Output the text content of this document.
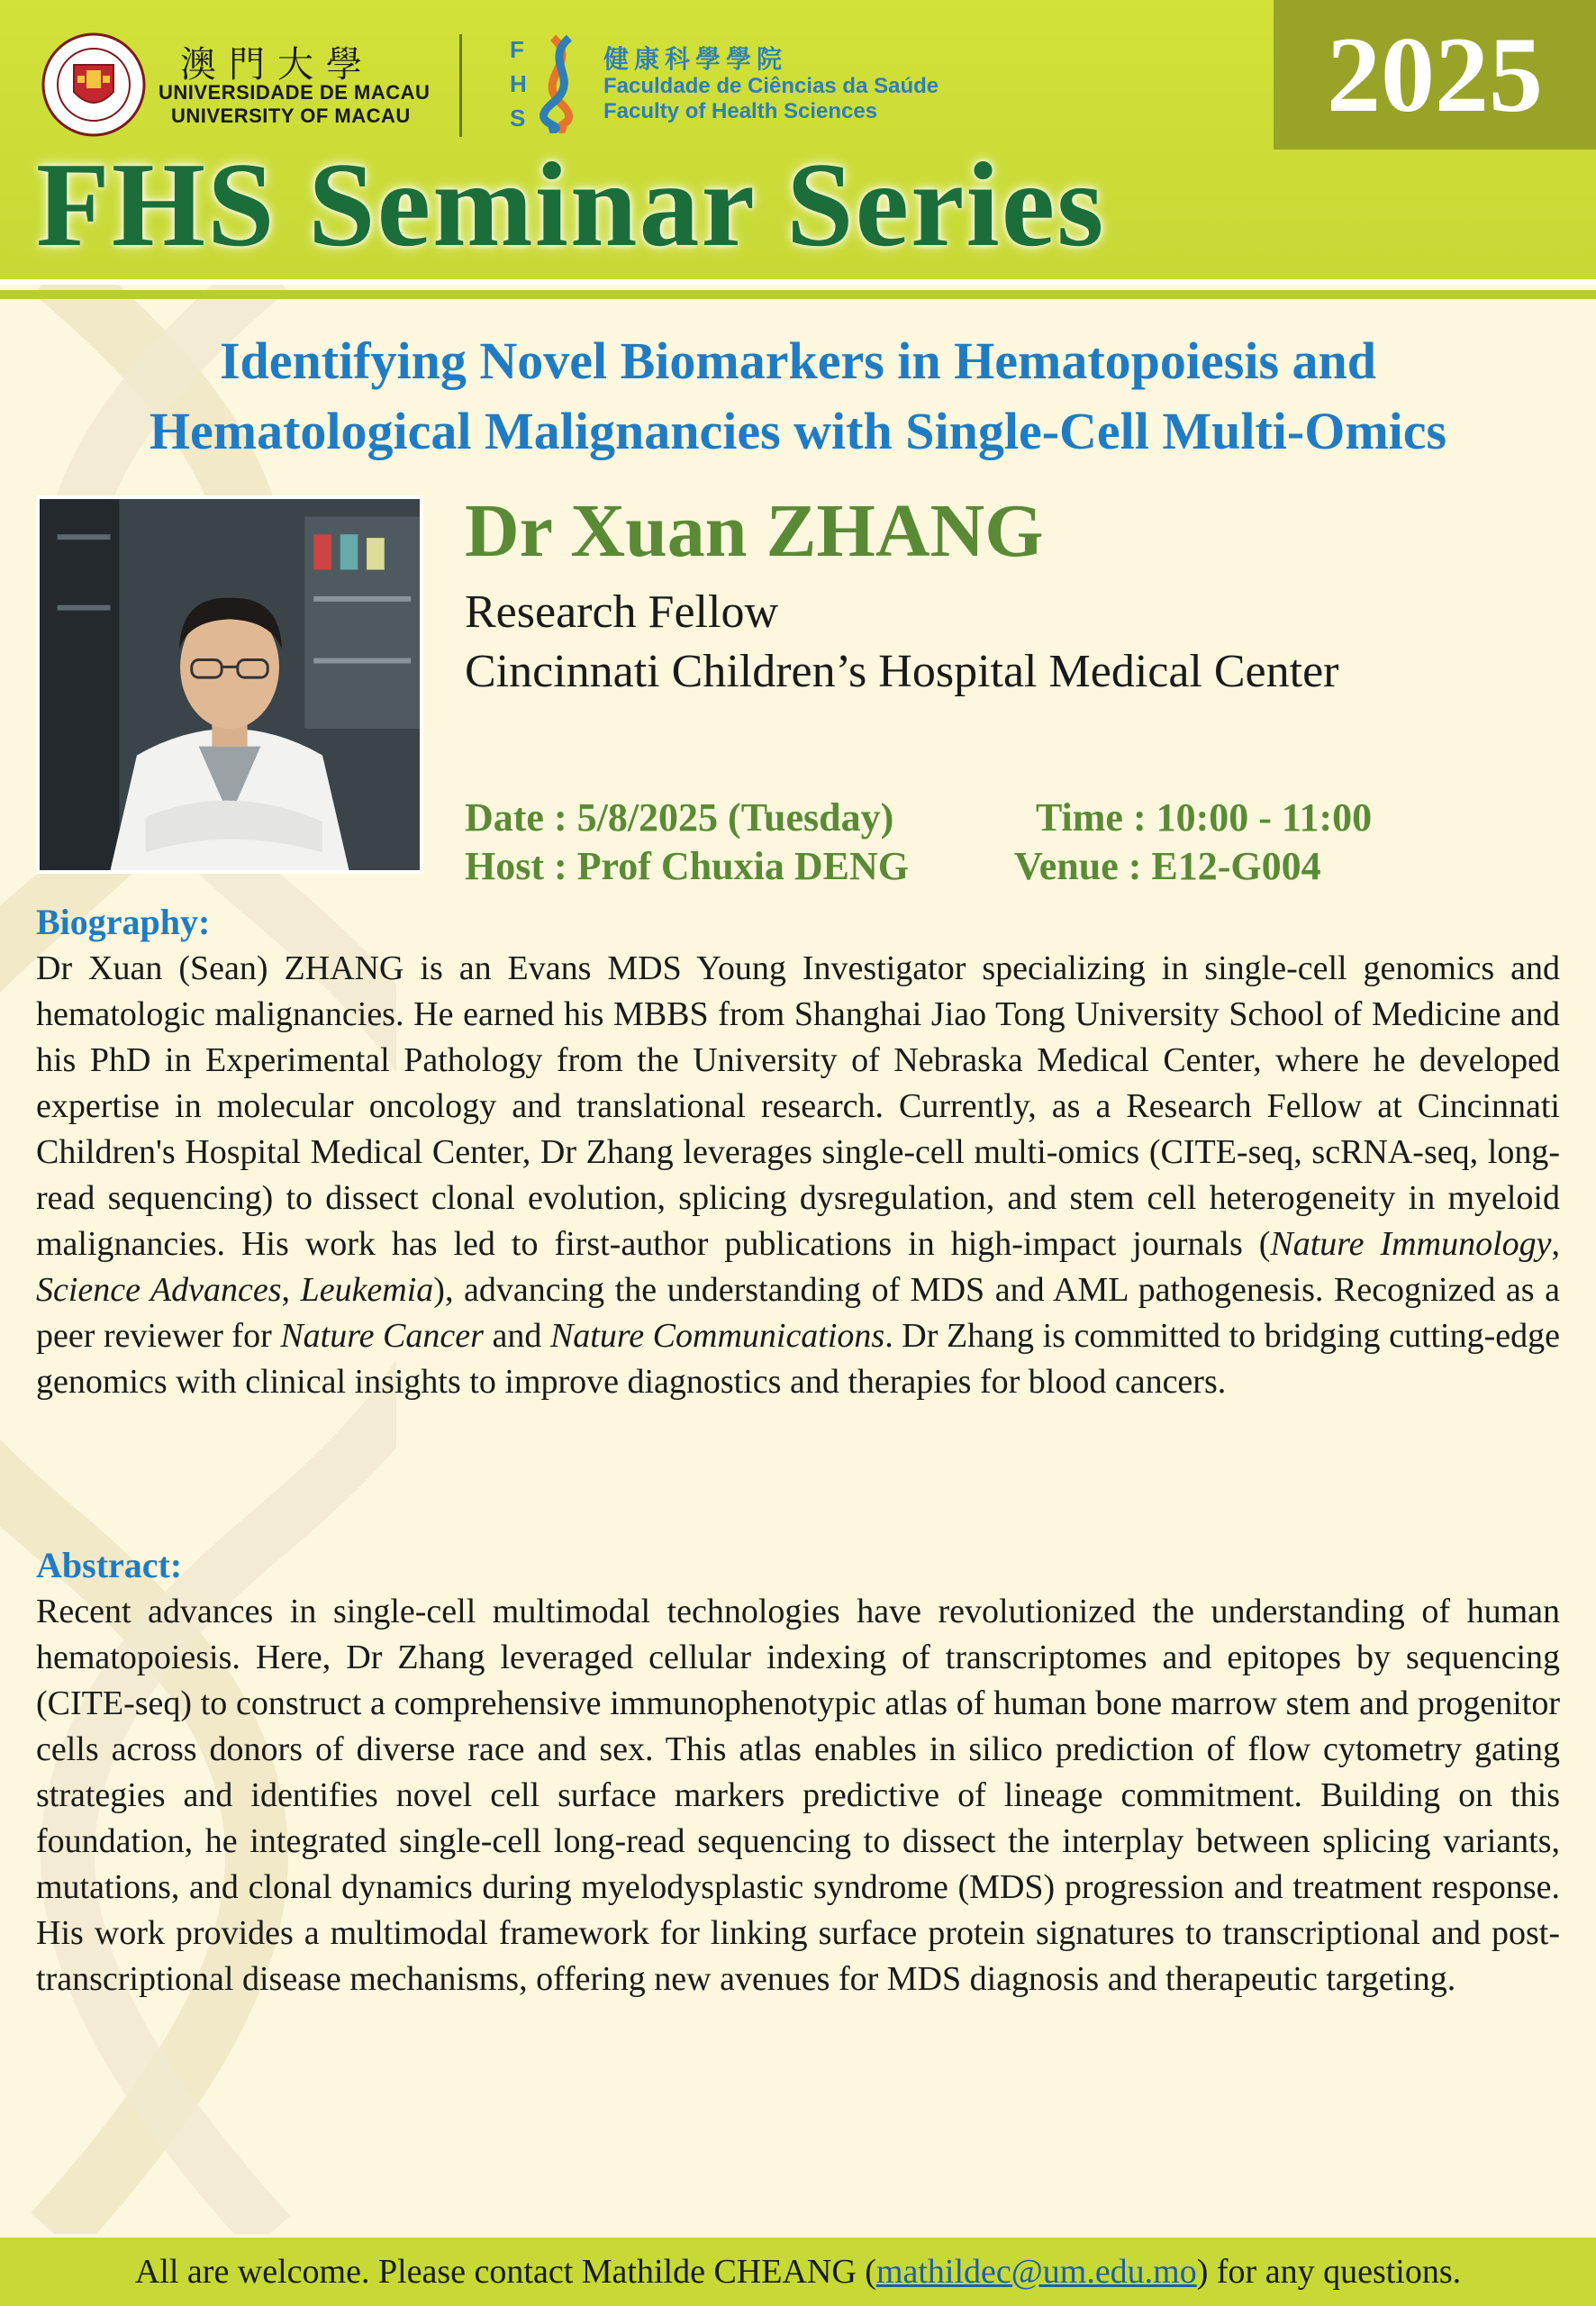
2025
澳門大學
UNIVERSIDADE DE MACAU
UNIVERSITY OF MACAU
F
H
S
健康科學學院
Faculdade de Ciências da Saúde
Faculty of Health Sciences
FHS Seminar Series
Identifying Novel Biomarkers in Hematopoiesis and
Hematological Malignancies with Single-Cell Multi-Omics
Dr Xuan ZHANG
Research Fellow
Cincinnati Children’s Hospital Medical Center
Date : 5/8/2025 (Tuesday)	Time : 10:00 - 11:00
Host : Prof Chuxia DENG	Venue : E12-G004
Biography:

Dr Xuan (Sean) ZHANG is an Evans MDS Young Investigator specializing in single-cell genomics and hematologic malignancies. He earned his MBBS from Shanghai Jiao Tong University School of Medicine and his PhD in Experimental Pathology from the University of Nebraska Medical Center, where he developed expertise in molecular oncology and translational research. Currently, as a Research Fellow at Cincinnati Children's Hospital Medical Center, Dr Zhang leverages single-cell multi-omics (CITE-seq, scRNA-seq, long-read sequencing) to dissect clonal evolution, splicing dysregulation, and stem cell heterogeneity in myeloid malignancies. His work has led to first-author publications in high-impact journals (Nature Immunology, Science Advances, Leukemia), advancing the understanding of MDS and AML pathogenesis. Recognized as a peer reviewer for Nature Cancer and Nature Communications. Dr Zhang is committed to bridging cutting-edge genomics with clinical insights to improve diagnostics and therapies for blood cancers.

Abstract:

Recent advances in single-cell multimodal technologies have revolutionized the understanding of human hematopoiesis. Here, Dr Zhang leveraged cellular indexing of transcriptomes and epitopes by sequencing (CITE-seq) to construct a comprehensive immunophenotypic atlas of human bone marrow stem and progenitor cells across donors of diverse race and sex. This atlas enables in silico prediction of flow cytometry gating strategies and identifies novel cell surface markers predictive of lineage commitment. Building on this foundation, he integrated single-cell long-read sequencing to dissect the interplay between splicing variants, mutations, and clonal dynamics during myelodysplastic syndrome (MDS) progression and treatment response. His work provides a multimodal framework for linking surface protein signatures to transcriptional and post-transcriptional disease mechanisms, offering new avenues for MDS diagnosis and therapeutic targeting.

All are welcome. Please contact Mathilde CHEANG ( mathildec@um.edu.mo ) for any questions.
